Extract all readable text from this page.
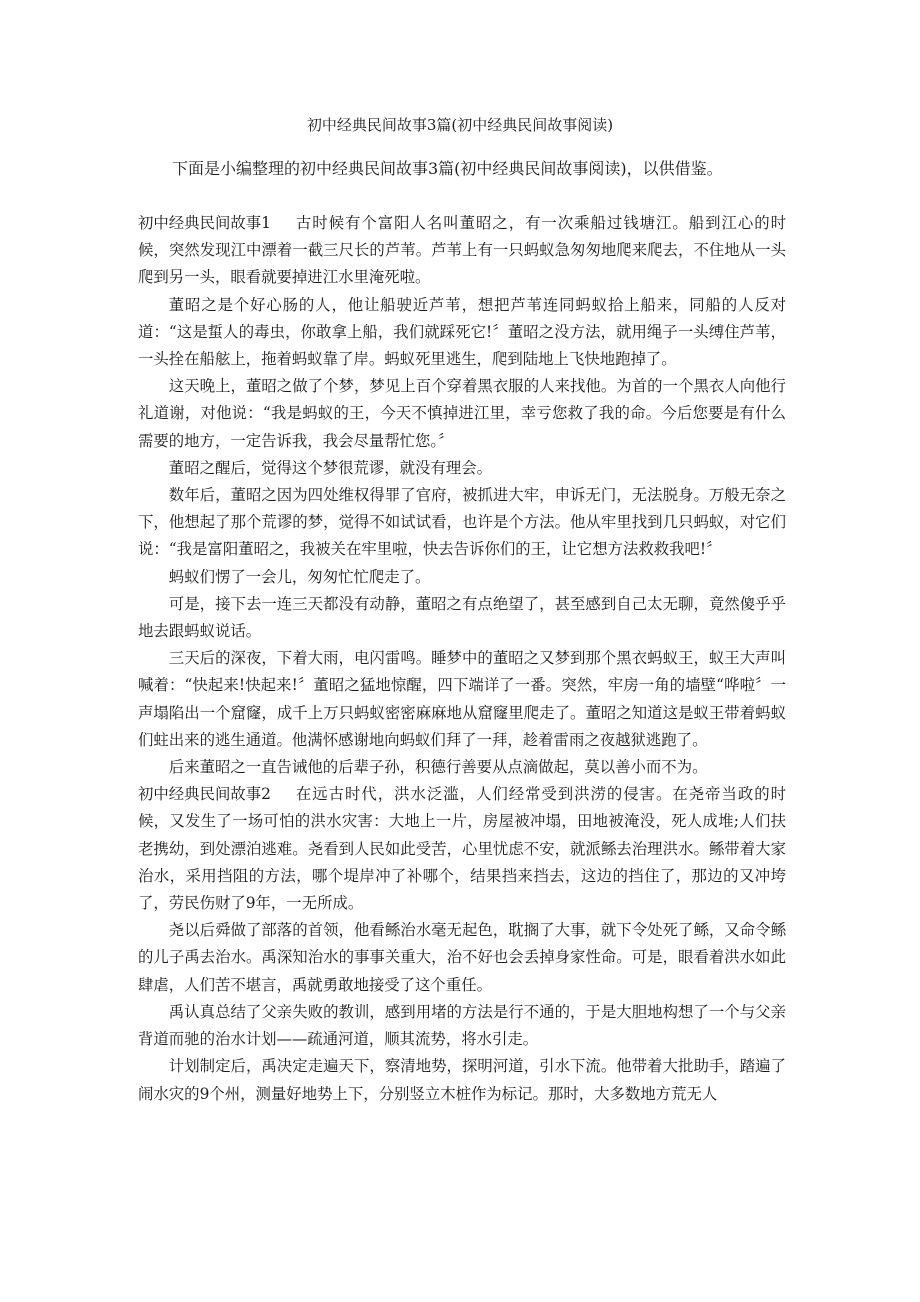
初中经典民间故事3篇(初中经典民间故事阅读)
下面是小编整理的初中经典民间故事3篇(初中经典民间故事阅读)，以供借鉴。

初中经典民间故事1 古时候有个富阳人名叫董昭之，有一次乘船过钱塘江。船到江心的时候，突然发现江中漂着一截三尺长的芦苇。芦苇上有一只蚂蚁急匆匆地爬来爬去，不住地从一头爬到另一头，眼看就要掉进江水里淹死啦。

董昭之是个好心肠的人，他让船驶近芦苇，想把芦苇连同蚂蚁拾上船来，同船的人反对道：“这是蜇人的毒虫，你敢拿上船，我们就踩死它!〞董昭之没方法，就用绳子一头缚住芦苇，一头拴在船舷上，拖着蚂蚁靠了岸。蚂蚁死里逃生，爬到陆地上飞快地跑掉了。

这天晚上，董昭之做了个梦，梦见上百个穿着黑衣服的人来找他。为首的一个黑衣人向他行礼道谢，对他说：“我是蚂蚁的王，今天不慎掉进江里，幸亏您救了我的命。今后您要是有什么需要的地方，一定告诉我，我会尽量帮忙您。〞

董昭之醒后，觉得这个梦很荒谬，就没有理会。

数年后，董昭之因为四处维权得罪了官府，被抓进大牢，申诉无门，无法脱身。万般无奈之下，他想起了那个荒谬的梦，觉得不如试试看，也许是个方法。他从牢里找到几只蚂蚁，对它们说：“我是富阳董昭之，我被关在牢里啦，快去告诉你们的王，让它想方法救救我吧!〞

蚂蚁们愣了一会儿，匆匆忙忙爬走了。

可是，接下去一连三天都没有动静，董昭之有点绝望了，甚至感到自己太无聊，竟然傻乎乎地去跟蚂蚁说话。

三天后的深夜，下着大雨，电闪雷鸣。睡梦中的董昭之又梦到那个黑衣蚂蚁王，蚁王大声叫喊着：“快起来!快起来!〞董昭之猛地惊醒，四下端详了一番。突然，牢房一角的墙壁“哗啦〞一声塌陷出一个窟窿，成千上万只蚂蚁密密麻麻地从窟窿里爬走了。董昭之知道这是蚁王带着蚂蚁们蛀出来的逃生通道。他满怀感谢地向蚂蚁们拜了一拜，趁着雷雨之夜越狱逃跑了。

后来董昭之一直告诫他的后辈子孙，积德行善要从点滴做起，莫以善小而不为。

初中经典民间故事2 在远古时代，洪水泛滥，人们经常受到洪涝的侵害。在尧帝当政的时候，又发生了一场可怕的洪水灾害：大地上一片，房屋被冲塌，田地被淹没，死人成堆;人们扶老携幼，到处漂泊逃难。尧看到人民如此受苦，心里忧虑不安，就派鲧去治理洪水。鲧带着大家治水，采用挡阻的方法，哪个堤岸冲了补哪个，结果挡来挡去，这边的挡住了，那边的又冲垮了，劳民伤财了9年，一无所成。

尧以后舜做了部落的首领，他看鲧治水毫无起色，耽搁了大事，就下令处死了鲧，又命令鲧的儿子禹去治水。禹深知治水的事事关重大，治不好也会丢掉身家性命。可是，眼看着洪水如此肆虐，人们苦不堪言，禹就勇敢地接受了这个重任。

禹认真总结了父亲失败的教训，感到用堵的方法是行不通的，于是大胆地构想了一个与父亲背道而驰的治水计划——疏通河道，顺其流势，将水引走。

计划制定后，禹决定走遍天下，察清地势，探明河道，引水下流。他带着大批助手，踏遍了闹水灾的9个州，测量好地势上下，分别竖立木桩作为标记。那时，大多数地方荒无人
